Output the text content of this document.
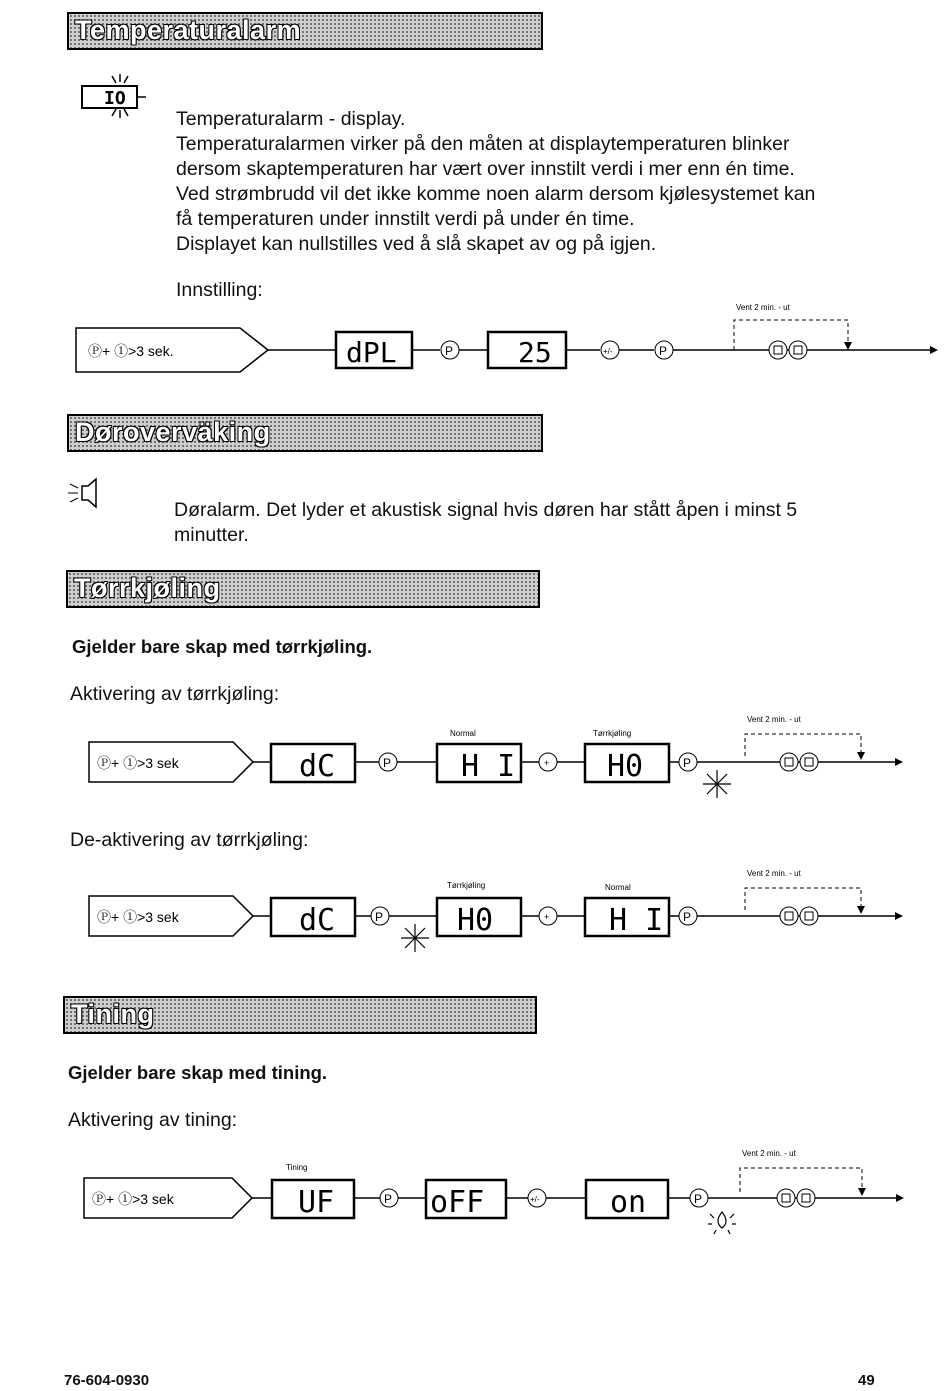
Temperaturalarm
IO
Temperaturalarm - display.
Temperaturalarmen virker på den måten at displaytemperaturen blinker
dersom skaptemperaturen har vært over innstilt verdi i mer enn én time.
Ved strømbrudd vil det ikke komme noen alarm dersom kjølesystemet kan
få temperaturen under innstilt verdi på under én time.
Displayet kan nullstilles ved å slå skapet av og på igjen.
Innstilling:
Ⓟ+ ①>3 sek.	dPL	P 25	+/-	P
Vent 2 min. - ut
Døroverväking
Døralarm. Det lyder et akustisk signal hvis døren har stått åpen i minst 5
minutter.
Tørrkjøling
Gjelder bare skap med tørrkjøling.
Aktivering av tørrkjøling:
Ⓟ+ ①>3 sek	dC	P
Normal
H I	+
Tørrkjøling
H0	P
Vent 2 min. - ut
De-aktivering av tørrkjøling:
Ⓟ+ ①>3 sek	dC	P
Tørrkjøling
H0	+
Normal
H I P
Vent 2 min. - ut
Tining
Gjelder bare skap med tining.
Aktivering av tining:
Ⓟ+ ①>3 sek
Tining
UF	P oFF	+/- on	P
Vent 2 min. - ut
76-604-0930	49
